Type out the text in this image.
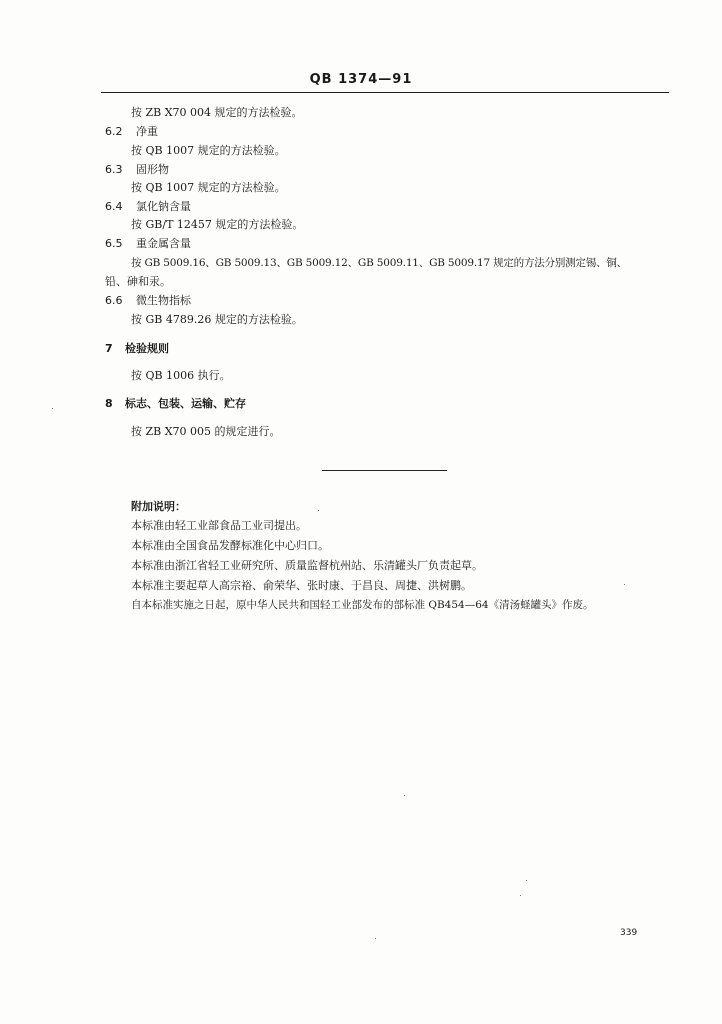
QB 1374—91
按 ZB X70 004 规定的方法检验。
6.2 净重
按 QB 1007 规定的方法检验。
6.3 固形物
按 QB 1007 规定的方法检验。
6.4 氯化钠含量
按 GB/T 12457 规定的方法检验。
6.5 重金属含量
按 GB 5009.16、GB 5009.13、GB 5009.12、GB 5009.11、GB 5009.17 规定的方法分别测定锡、铜、
铅、砷和汞。
6.6 微生物指标
按 GB 4789.26 规定的方法检验。
7 检验规则
按 QB 1006 执行。
8 标志、包装、运输、贮存
按 ZB X70 005 的规定进行。
附加说明：
本标准由轻工业部食品工业司提出。
本标准由全国食品发酵标准化中心归口。
本标准由浙江省轻工业研究所、质量监督杭州站、乐清罐头厂负责起草。
本标准主要起草人高宗裕、俞荣华、张时康、于昌良、周捷、洪树鹏。
自本标准实施之日起，原中华人民共和国轻工业部发布的部标准 QB454—64《清汤蛏罐头》作废。
339
